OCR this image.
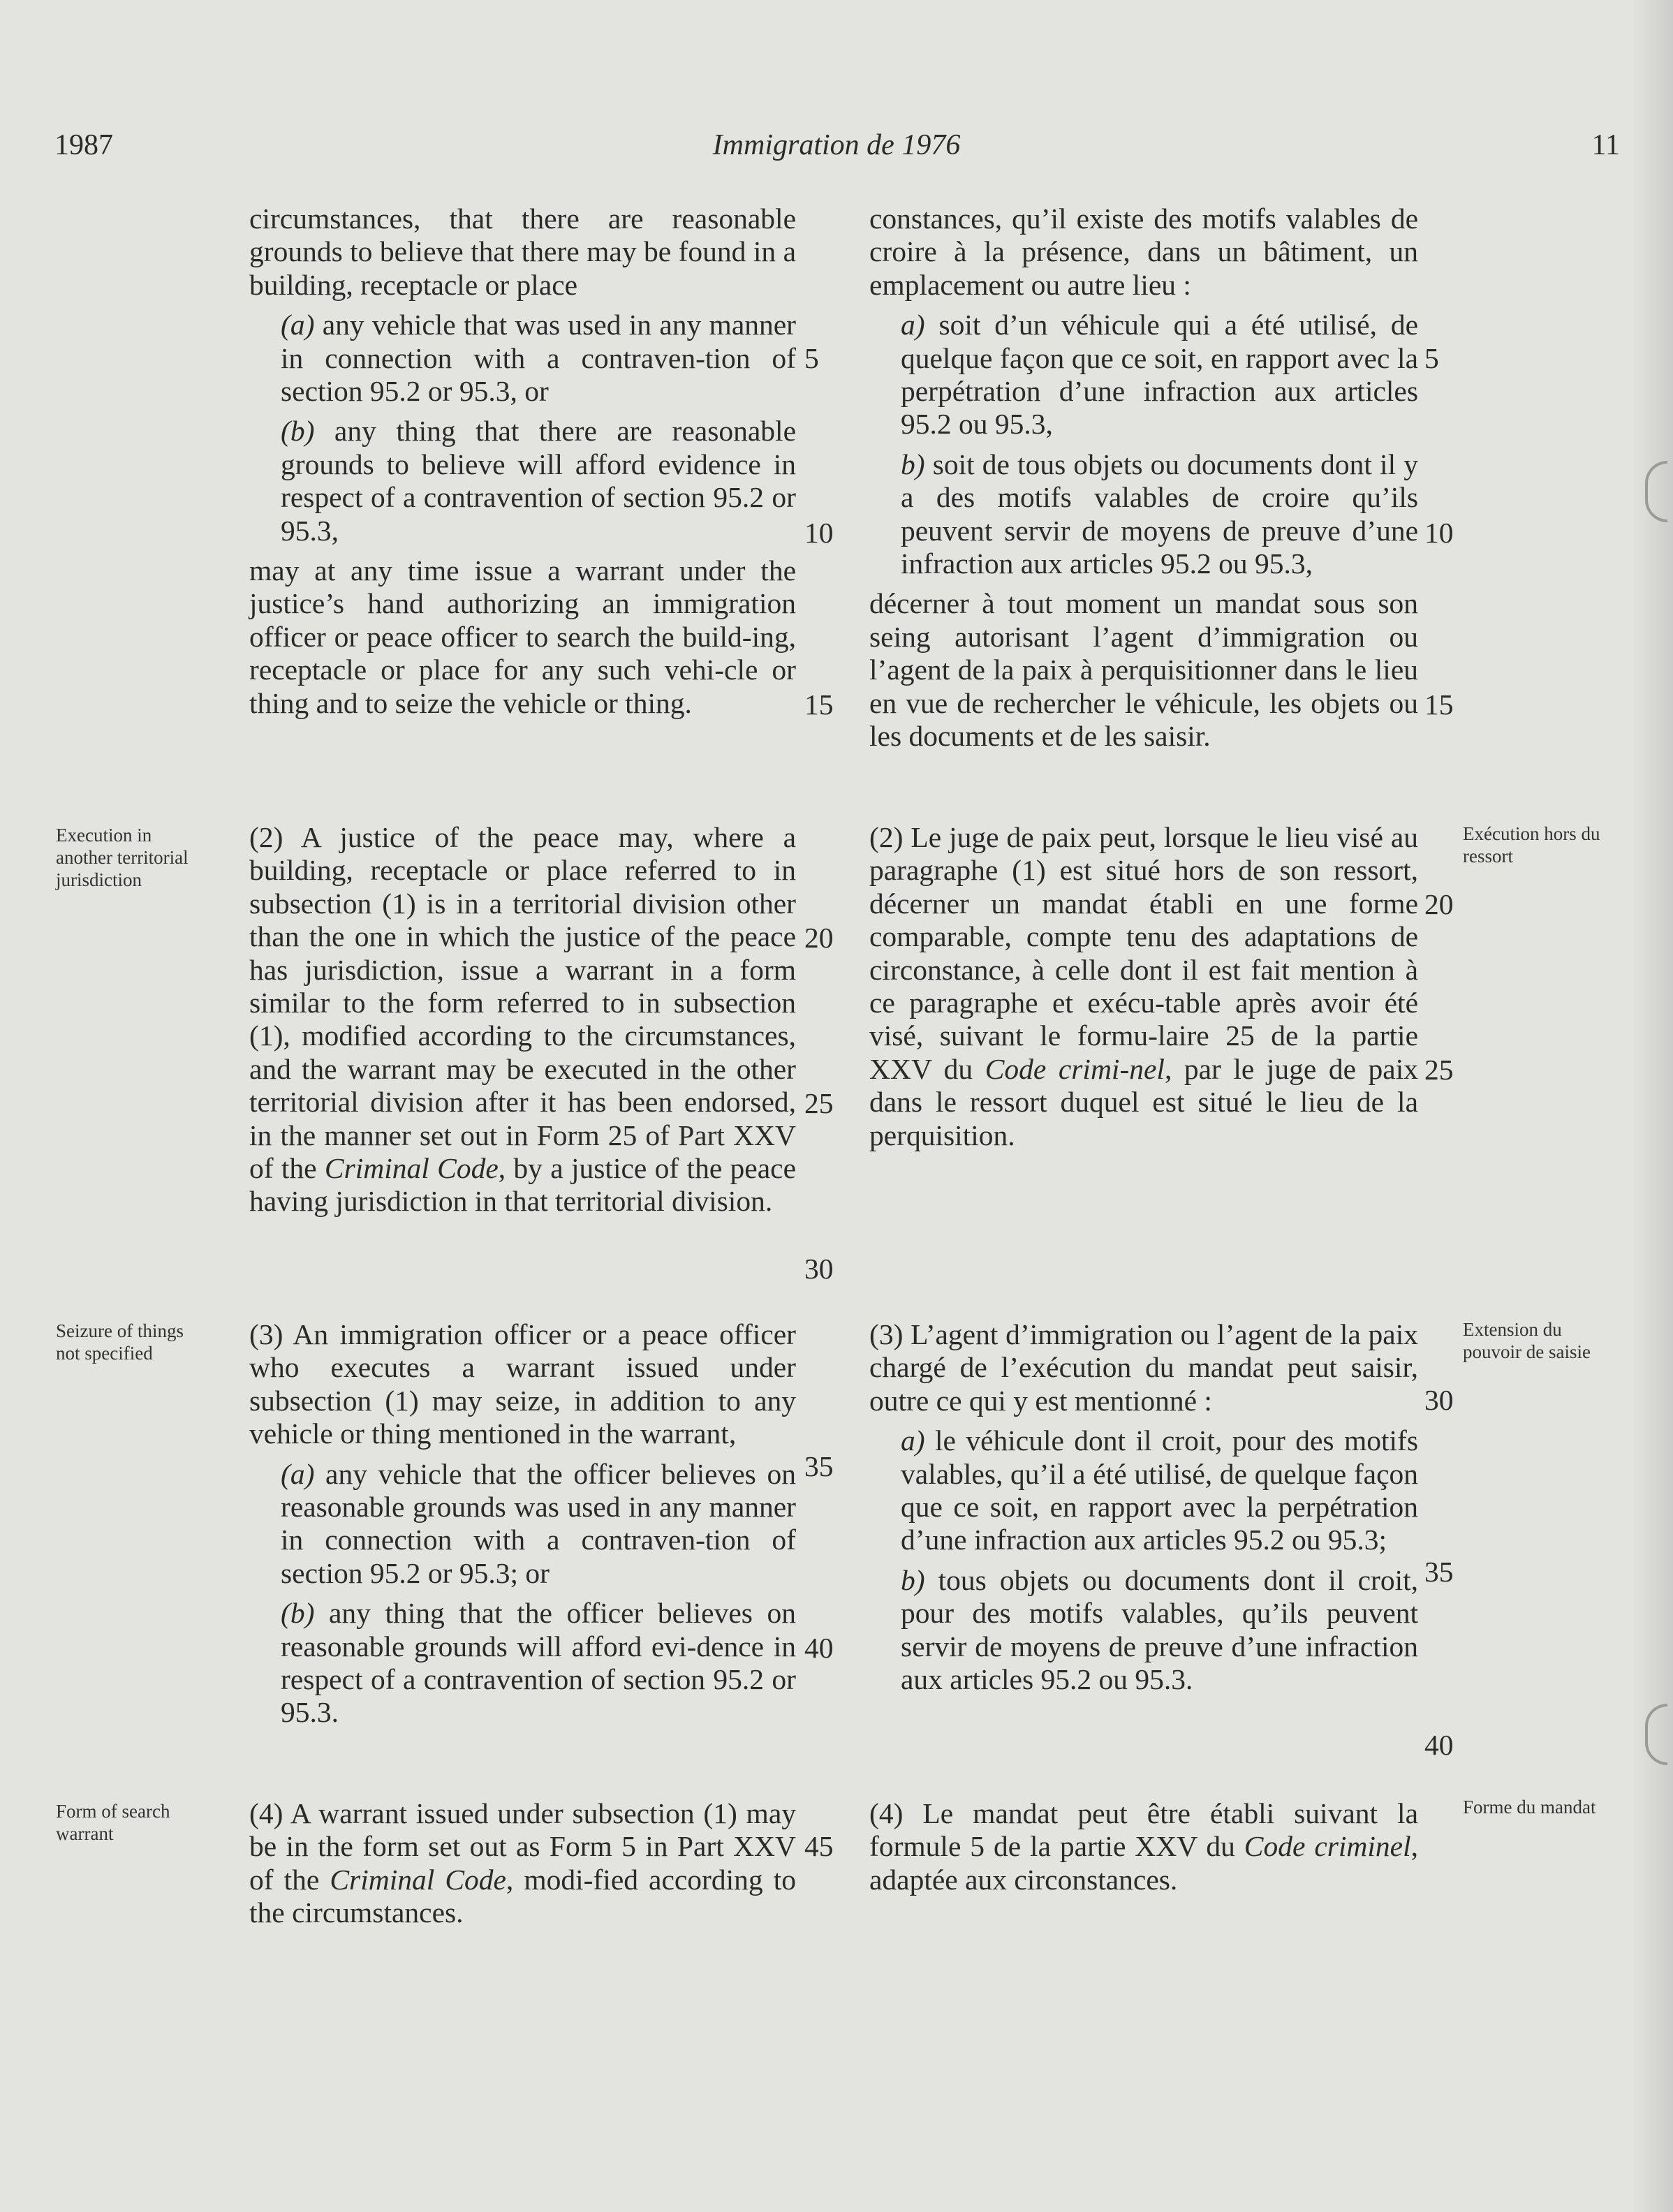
1987	Immigration de 1976	11

circumstances, that there are reasonable grounds to believe that there may be found in a building, receptacle or place

(a) any vehicle that was used in any manner in connection with a contraven-tion of section 95.2 or 95.3, or

(b) any thing that there are reasonable grounds to believe will afford evidence in respect of a contravention of section 95.2 or 95.3,

may at any time issue a warrant under the justice’s hand authorizing an immigration officer or peace officer to search the build-ing, receptacle or place for any such vehi-cle or thing and to seize the vehicle or thing.

(2) A justice of the peace may, where a building, receptacle or place referred to in subsection (1) is in a territorial division other than the one in which the justice of the peace has jurisdiction, issue a warrant in a form similar to the form referred to in subsection (1), modified according to the circumstances, and the warrant may be executed in the other territorial division after it has been endorsed, in the manner set out in Form 25 of Part XXV of the Criminal Code, by a justice of the peace having jurisdiction in that territorial division.

(3) An immigration officer or a peace officer who executes a warrant issued under subsection (1) may seize, in addition to any vehicle or thing mentioned in the warrant,

(a) any vehicle that the officer believes on reasonable grounds was used in any manner in connection with a contraven-tion of section 95.2 or 95.3; or

(b) any thing that the officer believes on reasonable grounds will afford evi-dence in respect of a contravention of section 95.2 or 95.3.

(4) A warrant issued under subsection (1) may be in the form set out as Form 5 in Part XXV of the Criminal Code, modi-fied according to the circumstances.

constances, qu’il existe des motifs valables de croire à la présence, dans un bâtiment, un emplacement ou autre lieu :

a) soit d’un véhicule qui a été utilisé, de quelque façon que ce soit, en rapport avec la perpétration d’une infraction aux articles 95.2 ou 95.3,

b) soit de tous objets ou documents dont il y a des motifs valables de croire qu’ils peuvent servir de moyens de preuve d’une infraction aux articles 95.2 ou 95.3,

décerner à tout moment un mandat sous son seing autorisant l’agent d’immigration ou l’agent de la paix à perquisitionner dans le lieu en vue de rechercher le véhicule, les objets ou les documents et de les saisir.

(2) Le juge de paix peut, lorsque le lieu visé au paragraphe (1) est situé hors de son ressort, décerner un mandat établi en une forme comparable, compte tenu des adaptations de circonstance, à celle dont il est fait mention à ce paragraphe et exécu-table après avoir été visé, suivant le formu-laire 25 de la partie XXV du Code crimi-nel, par le juge de paix dans le ressort duquel est situé le lieu de la perquisition.

(3) L’agent d’immigration ou l’agent de la paix chargé de l’exécution du mandat peut saisir, outre ce qui y est mentionné :

a) le véhicule dont il croit, pour des motifs valables, qu’il a été utilisé, de quelque façon que ce soit, en rapport avec la perpétration d’une infraction aux articles 95.2 ou 95.3;

b) tous objets ou documents dont il croit, pour des motifs valables, qu’ils peuvent servir de moyens de preuve d’une infraction aux articles 95.2 ou 95.3.

(4) Le mandat peut être établi suivant la formule 5 de la partie XXV du Code criminel, adaptée aux circonstances.

Execution in another territorial jurisdiction
Seizure of things not specified
Form of search warrant
Exécution hors du ressort
Extension du pouvoir de saisie
Forme du mandat
5
10
15
20
25
30
35
40
45
5
10
15
20
25
30
35
40
